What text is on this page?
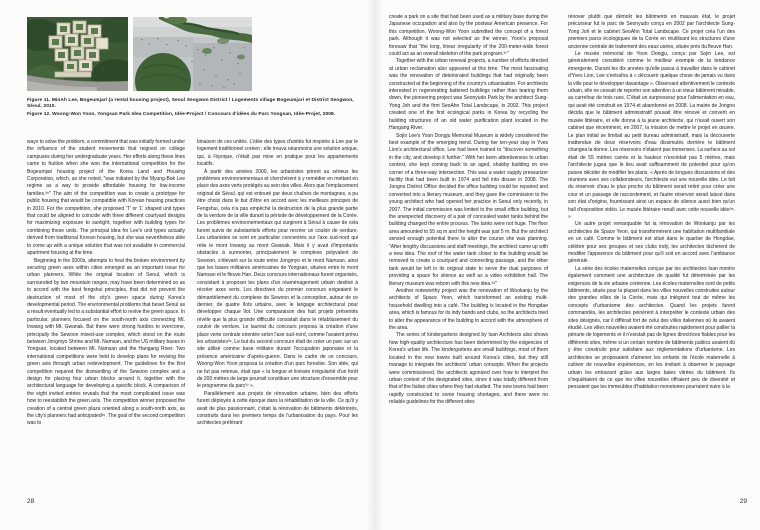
Figure 11. MinAh Lee, Bogeumjari (a rental housing project), Seoul Seogwon District / Logements village Bogeumjari et District Seogwon, Séoul, 2010.

Figure 12. Woong-Won Yoon, Yongsan Park Idea Competition, Idée-Project / Concours d'idées du Parc Yongsan, Idée-Projet, 2008.

ways to solve the problem, a commitment that was initially formed under the influence of the student movements that reigned on college campuses during her undergraduate years. Her efforts along these lines came to fruition when she won the international competition for the Bogeumjari housing project of the Korea Land and Housing Corporation, which, as she noted, "was initiated by the Myung-Bak Lee regime as a way to provide affordable housing for low-income families.³⁵" The aim of the competition was to create a prototype for public housing that would be compatible with Korean housing practices in 2010. For the competition, she proposed 'T' or 'L' shaped unit types that could be aligned to coincide with three different courtyard designs for maximizing exposure to sunlight, together with building types for combining these units. The principal idea for Lee's unit types actually derived from traditional Korean housing, but she was nevertheless able to come up with a unique solution that was not available in commercial apartment housing at the time.

Beginning in the 2000s, attempts to heal the broken environment by securing green axes within cities emerged as an important issue for urban planners. While the original location of Seoul, which is surrounded by two mountain ranges, may have been determined so as to accord with the best fengshui principles, that did not prevent the destruction of most of the city's green space during Korea's developmental period. The environmental problems that beset Seoul as a result eventually led to a substantial effort to revive the green space. In particular, planners focused on the south-north axis connecting Mt. Inwang with Mt. Gwanak. But there were strong hurdles to overcome, principally the Sewoon mixed-use complex, which stood on the route between Jongmyo Shrine and Mt. Namsan, and the US military bases in Yongsan, located between Mt. Namsan and the Hangang River. Two international competitions were held to develop plans for reviving the green axis through urban redevelopment. The guidelines for the first competition required the dismantling of the Sewoon complex and a design for placing four urban blocks around it, together with the architectural language for developing a specific block. A comparison of the eight invited entries reveals that the most complicated issue was how to reestablish the green axis. The competition winner proposed the creation of a central green plaza oriented along a south-north axis, as the city's planners had anticipated³⁶. The goal of the second competition was to

binaison de ces unités. L'idée des types d'unités fut inspirée à Lee par le logement traditionnel coréen ; elle trouva néanmoins une solution unique, qui, à l'époque, n'était pas mise en pratique pour les appartements locatifs.

À partir des années 2000, les urbanistes prirent au sérieux les problèmes environnementaux et cherchèrent à y remédier en mettant en place des axes verts protégés au sein des villes. Alors que l'emplacement original de Séoul, qui est entouré par deux chaînes de montagnes, a pu être choisi dans le but d'être en accord avec les meilleurs principes de Fengshui, cela n'a pas empêché la destruction de la plus grande partie de la verdure de la ville durant la période de développement de la Corée. Les problèmes environnementaux qui surgirent à Séoul à cause de cela furent suivis de substantiels efforts pour recréer un couloir de verdure. Les urbanistes se sont en particulier concentrés sur l'axe sud-nord qui relie le mont Inwang au mont Gwanak. Mais il y avait d'importants obstacles à surmonter, principalement le complexe polyvalent de Sewoon, s'élevant sur la route entre Jongmyo et le mont Namsan, ainsi que les bases militaires américaines de Yongsan, situées entre le mont Namsan et le fleuve Han. Deux concours internationaux furent organisés, consistant à proposer les plans d'un réaménagement urbain destiné à récréer axes verts. Les directives du premier concours exigeaient le démantèlement du complexe de Sewoon et la conception, autour de ce dernier, de quatre îlots urbains, avec le langage architectural pour développer chaque îlot. Une comparaison des huit projets présentés révèle que la plus grande difficulté consistait dans le rétablissement du couloir de verdure. Le lauréat du concours proposa la création d'une place verte centrale orientée selon l'axe sud-nord, comme l'avaient prévu les urbanistes³⁶. Le but du second concours était de créer un parc sur un site utilisé comme base militaire durant l'occupation japonaise et la présence américaine d'après-guerre. Dans le cadre de ce concours, Woong-Won Yoon proposa la création d'un parc forestier. Son idée, qui ne fut pas retenue, était que « la longue et linéaire irrégularité d'un forêt de 200 mètres de large pourrait constituer une structure d'ensemble pour le programme du parc³⁷ ».

Parallèlement aux projets de rénovation urbaine, bien des efforts furent déployés à cette époque dans la réhabilitation de la ville. Ce qu'il y avait de plus passionnant, c'était la rénovation de bâtiments détériorés, construits dans les premiers temps de l'urbanisation du pays. Pour les architectes préférant

create a park on a site that had been used as a military base during the Japanese occupation and also by the postwar American presence. For this competition, Woong-Won Yoon submitted the concept of a forest park. Although it was not selected as the winner, Yoon's proposal foresaw that "the long, linear irregularity of the 200-meter-wide forest could act as an overall skeleton of the park program.³⁷"

Together with the urban renewal projects, a number of efforts directed at urban reclamation also appeared at this time. The most fascinating was the renovation of deteriorated buildings that had originally been constructed at the beginning of the country's urbanisation. For architects interested in regenerating battered buildings rather than tearing them down, the pioneering project was Seonyudo Park by the architect Sung-Yong Joh and the firm SeoAhn Total Landscape, in 2002. This project created one of the first ecological parks in Korea by recycling the building structures of an old water purification plant located in the Hangang River.

Sojin Lee's Yoon Dongju Memorial Museum is widely considered the best example of the emerging trend. During her ten-year stay in Yves Lion's architectural office, Lee had been trained to "discover something in the city, and develop it further." With her keen attentiveness to urban context, she kept coming back to an aged, shabby building on one corner of a three-way intersection. This was a water supply pressurizer facility that had been built in 1974 and fell into disuse in 2008. The Jongno District Office decided the office building could be repaired and converted into a literary museum, and they gave the commission to the young architect who had opened her practice in Seoul only recently, in 2007. The initial commission was limited to the small office building, but the unexpected discovery of a pair of concealed water tanks behind the building changed the entire process. The tanks were not huge. The floor area amounted to 55 sq m and the height was just 5 m. But the architect sensed enough potential there to alter the course she was planning. "After lengthy discussions and staff meetings, the architect came up with a new idea. The roof of the water tank closer to the building would be removed to create a courtyard and connecting passage, and the other tank would be left in its original state to serve the dual purposes of providing a space for silence as well as a video exhibition hall. The literary museum was reborn with this new idea.³⁸"

Another noteworthy project was the renovation of Wookanju by the architects of Space Yeon, which transformed an existing multi-household dwelling into a café. The building is located in the Hongdae area, which is famous for its indy bands and clubs, so the architects tried to alter the appearance of the building to accord with the atmosphere of the area.

The series of kindergartens designed by Isan Architects also shows how high-quality architecture has been determined by the exigencies of Korea's urban life. The kindergartens are small buildings, most of them located in the new towns built around Korea's cities, but they still manage to integrate the architects' urban concepts. When the projects were commissioned, the architects agonized over how to interpret the urban context of the designated sites, since it was totally different from that of the Italian cities where they had studied. The new towns had been rapidly constructed to some housing shortages, and there were no reliable guidelines for the different sites

rénover plutôt que démolir les bâtiments en mauvais état, le projet précurseur fut le parc de Seonyudo conçu en 2002 par l'architecte Sung-Yong Joh et le cabinet SeoAhn Total Landscape. Ce projet créa l'un des premiers parcs écologiques de la Corée en réutilisant les structures d'une ancienne centrale de traitement des eaux usées, située près du fleuve Han.

Le musée mémorial de Yoon Dongju, conçu par Sojin Lee, est généralement considéré comme le meilleur exemple de la tendance émergente. Durant les dix années qu'elle passa à travailler dans le cabinet d'Yves Lion, Lee s'entraîna à « découvrir quelque chose de jamais vu dans la ville pour le développer davantage ». Observant attentivement le contexte urbain, elle ne cessait de reporter son attention à un vieux bâtiment minable, au carrefour de trois rues. C'était un surpresseur pour l'alimentation en eau, qui avait été construit en 1974 et abandonné en 2008. La mairie de Jongno décida que le bâtiment administratif pouvait être rénové et converti en musée littéraire, et elle donna à la jeune architecte, qui n'avait ouvert son cabinet que récemment, en 2007, la mission de mettre le projet en œuvre. Le plan initial se limitait au petit bureau administratif, mais la découverte inattendue de deux réservoirs d'eau dissimulés derrière le bâtiment changea la donne. Les réservoirs n'étaient pas immenses. La surface au sol était de 55 mètres carrés et la hauteur n'excédait pas 5 mètres, mais l'architecte jugea que le lieu avait suffisamment de potentiel pour qu'on puisse décider de modifier les plans. « Après de longues discussions et des réunions avec ses collaborateurs, l'architecte eut une nouvelle idée. Le toit du réservoir d'eau le plus proche du bâtiment serait retiré pour créer une cour et un passage de raccordement, et l'autre réservoir serait laissé dans son état d'origine, fournissant ainsi un espace de silence aussi bien qu'un hall d'exposition vidéo. Le musée littéraire renaît avec cette nouvelle idée³⁸. »

Un autre projet remarquable fut la rénovation de Wookanju par les architectes de Space Yeon, qui transformèrent une habitation multifamiliale en un café. Comme le bâtiment est situé dans le quartier de Hongdae, célèbre pour ses groupes et ses clubs indy, les architectes tâchèrent de modifier l'apparence du bâtiment pour qu'il soit en accord avec l'ambiance générale.

La série des écoles maternelles conçue par les architectes Isan montre également comment une architecture de qualité fut déterminée par les exigences de la vie urbaine coréenne. Les écoles maternelles sont de petits bâtiments, situés pour la plupart dans les villes nouvelles construites autour des grandes villes de la Corée, mais qui intègrent tout de même les concepts d'urbanisme des architectes. Quand les projets furent commandés, les architectes peinèrent à interpréter le contexte urbain des sites désignés, car il différait fort de celui des villes italiennes où ils avaient étudié. Les villes nouvelles avaient été construites rapidement pour pallier la pénurie de logements et il n'existait pas de lignes directrices fiables pour les différents sites, même si un certain nombre de bâtiments publics avaient dû y être construits pour satisfaire aux réglementations d'urbanisme. Les architectes se proposaient d'amener les enfants de l'école maternelle à cultiver de nouvelles expériences, en les invitant à observer le paysage urbain les entourant grâce aux larges baies vitrées du bâtiment. Ils s'inquiétaient de ce que les villes nouvelles offraient peu de diversité et pensaient que les immeubles d'habitation monotones pourraient nuire à la

28	29
